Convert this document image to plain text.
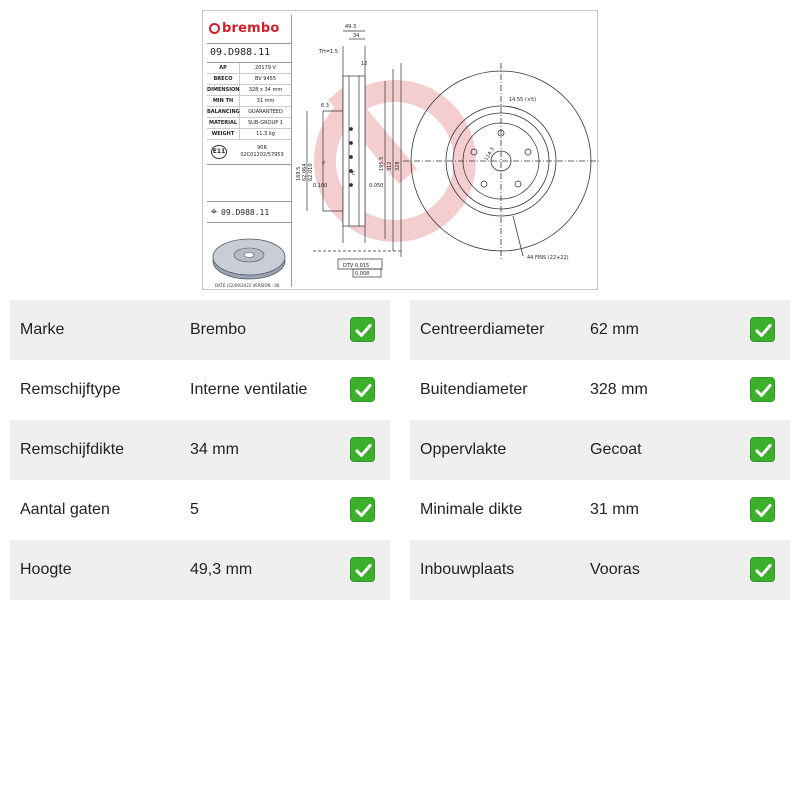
49.3
34
12
TH=1.5
6.3
169.5 62.064 62.010	195.5 312 328
0.100	0.050
DTV 0.015
0.008
14.55 (×5)
114.3
44 FINS (22+22)
P
C
brembo
09.D988.11
AP	20179 V
BRECO	BV 9455
DIMENSION	328 x 34 mm
MIN TH	31 mm
BALANCING	GUARANTEED
MATERIAL	SUB-GROUP 1
WEIGHT	11.3 kg
E11	90R
02C01202/57953
⌖ 09.D988.11
DATE (22/09/2022 VERSION : 00
Marke	Brembo
Remschijftype	Interne ventilatie
Remschijfdikte	34 mm
Aantal gaten	5
Hoogte	49,3 mm
Centreerdiameter	62 mm
Buitendiameter	328 mm
Oppervlakte	Gecoat
Minimale dikte	31 mm
Inbouwplaats	Vooras
